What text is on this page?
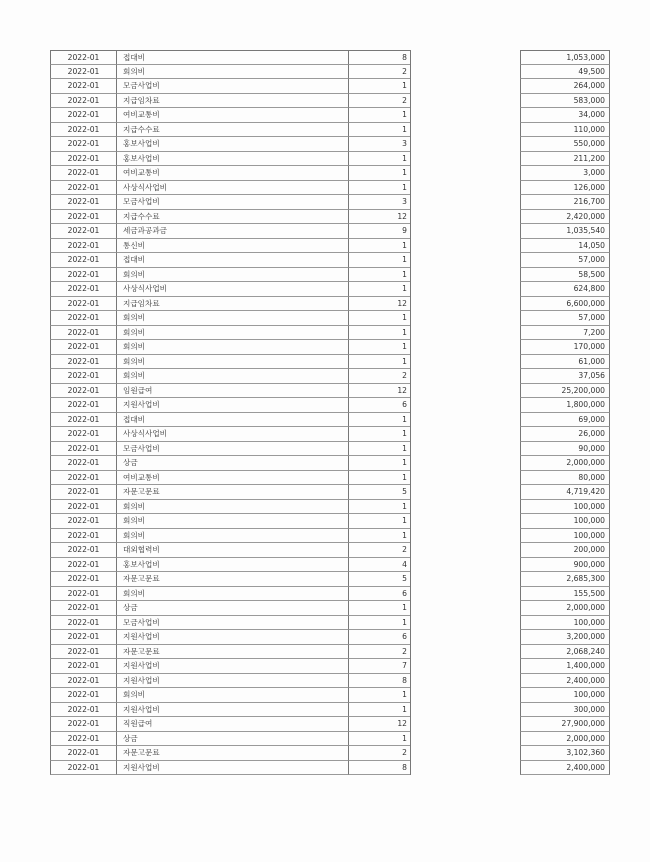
2022-01	접대비	8	1,053,000
2022-01	회의비	2	49,500
2022-01	모금사업비	1	264,000
2022-01	지급임차료	2	583,000
2022-01	여비교통비	1	34,000
2022-01	지급수수료	1	110,000
2022-01	홍보사업비	3	550,000
2022-01	홍보사업비	1	211,200
2022-01	여비교통비	1	3,000
2022-01	사상식사업비	1	126,000
2022-01	모금사업비	3	216,700
2022-01	지급수수료	12	2,420,000
2022-01	세금과공과금	9	1,035,540
2022-01	통신비	1	14,050
2022-01	접대비	1	57,000
2022-01	회의비	1	58,500
2022-01	사상식사업비	1	624,800
2022-01	지급임차료	12	6,600,000
2022-01	회의비	1	57,000
2022-01	회의비	1	7,200
2022-01	회의비	1	170,000
2022-01	회의비	1	61,000
2022-01	회의비	2	37,056
2022-01	임원급여	12	25,200,000
2022-01	지원사업비	6	1,800,000
2022-01	접대비	1	69,000
2022-01	사상식사업비	1	26,000
2022-01	모금사업비	1	90,000
2022-01	상금	1	2,000,000
2022-01	여비교통비	1	80,000
2022-01	자문고문료	5	4,719,420
2022-01	회의비	1	100,000
2022-01	회의비	1	100,000
2022-01	회의비	1	100,000
2022-01	대외협력비	2	200,000
2022-01	홍보사업비	4	900,000
2022-01	자문고문료	5	2,685,300
2022-01	회의비	6	155,500
2022-01	상금	1	2,000,000
2022-01	모금사업비	1	100,000
2022-01	지원사업비	6	3,200,000
2022-01	자문고문료	2	2,068,240
2022-01	지원사업비	7	1,400,000
2022-01	지원사업비	8	2,400,000
2022-01	회의비	1	100,000
2022-01	지원사업비	1	300,000
2022-01	직원급여	12	27,900,000
2022-01	상금	1	2,000,000
2022-01	자문고문료	2	3,102,360
2022-01	지원사업비	8	2,400,000
